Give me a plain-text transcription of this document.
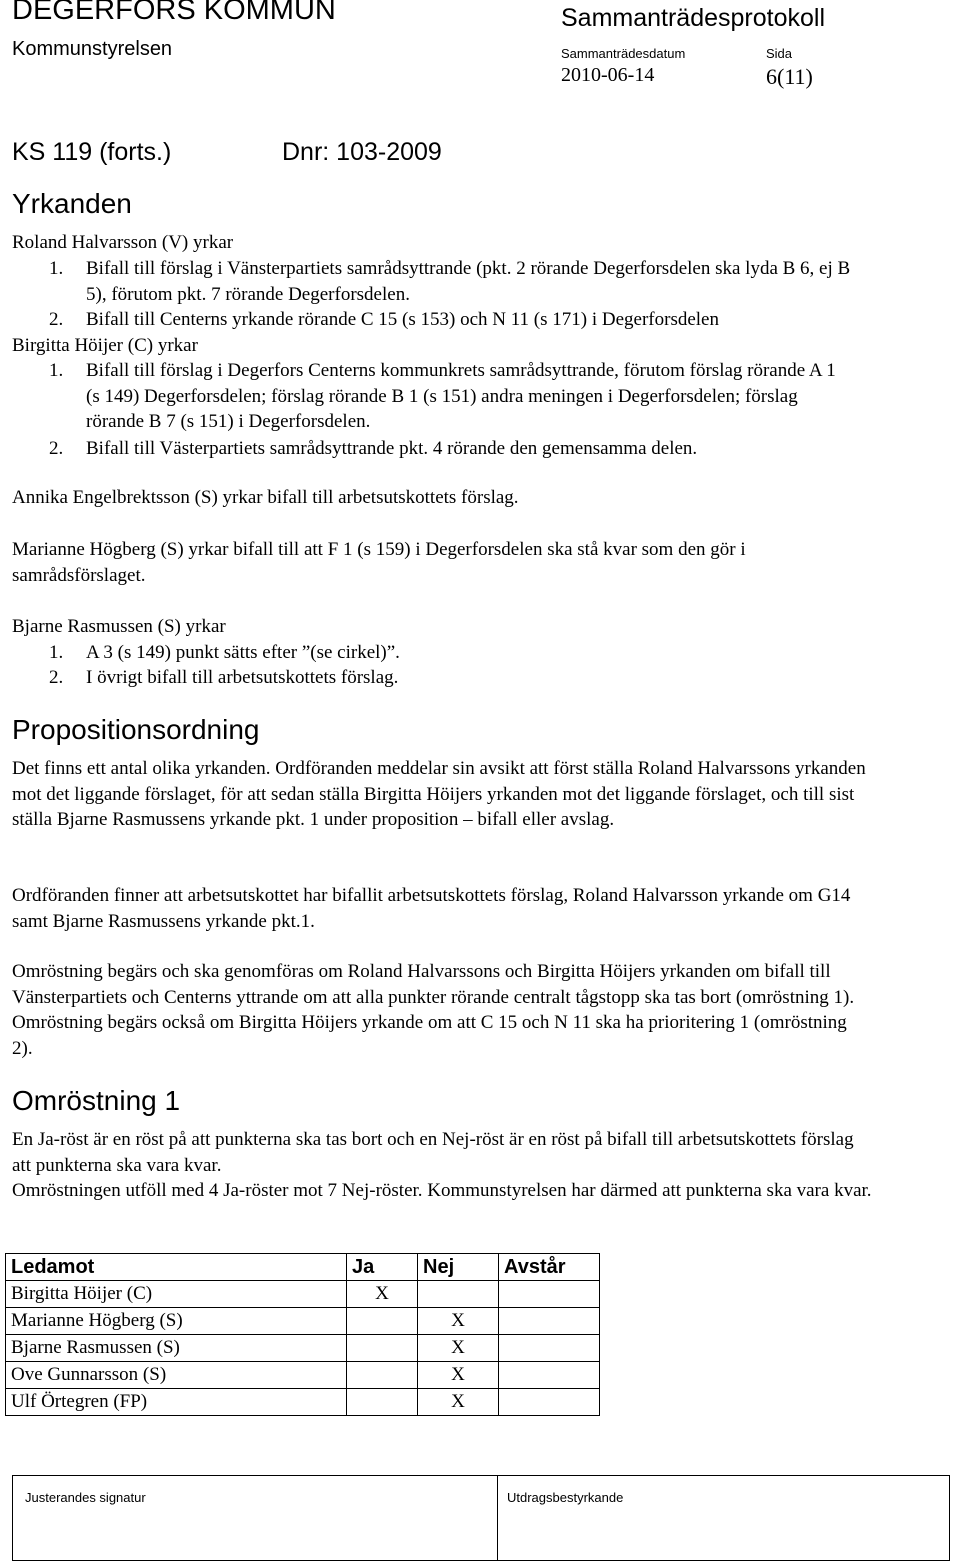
DEGERFORS KOMMUN
Kommunstyrelsen
Sammanträdesprotokoll
Sammanträdesdatum	Sida
2010-06-14	6(11)
KS 119 (forts.)	Dnr: 103-2009
Yrkanden
Roland Halvarsson (V) yrkar
1. Bifall till förslag i Vänsterpartiets samrådsyttrande (pkt. 2 rörande Degerforsdelen ska lyda B 6, ej B 5), förutom pkt. 7 rörande Degerforsdelen.
2. Bifall till Centerns yrkande rörande C 15 (s 153) och N 11 (s 171) i Degerforsdelen
Birgitta Höijer (C) yrkar
1. Bifall till förslag i Degerfors Centerns kommunkrets samrådsyttrande, förutom förslag rörande A 1 (s 149) Degerforsdelen; förslag rörande B 1 (s 151) andra meningen i Degerforsdelen; förslag rörande B 7 (s 151) i Degerforsdelen.
2. Bifall till Västerpartiets samrådsyttrande pkt. 4 rörande den gemensamma delen.
Annika Engelbrektsson (S) yrkar bifall till arbetsutskottets förslag.
Marianne Högberg (S) yrkar bifall till att F 1 (s 159) i Degerforsdelen ska stå kvar som den gör i samrådsförslaget.
Bjarne Rasmussen (S) yrkar
1. A 3 (s 149) punkt sätts efter ”(se cirkel)”.
2. I övrigt bifall till arbetsutskottets förslag.
Propositionsordning
Det finns ett antal olika yrkanden. Ordföranden meddelar sin avsikt att först ställa Roland Halvarssons yrkanden mot det liggande förslaget, för att sedan ställa Birgitta Höijers yrkanden mot det liggande förslaget, och till sist ställa Bjarne Rasmussens yrkande pkt. 1 under proposition – bifall eller avslag.
Ordföranden finner att arbetsutskottet har bifallit arbetsutskottets förslag, Roland Halvarsson yrkande om G14 samt Bjarne Rasmussens yrkande pkt.1.
Omröstning begärs och ska genomföras om Roland Halvarssons och Birgitta Höijers yrkanden om bifall till Vänsterpartiets och Centerns yttrande om att alla punkter rörande centralt tågstopp ska tas bort (omröstning 1). Omröstning begärs också om Birgitta Höijers yrkande om att C 15 och N 11 ska ha prioritering 1 (omröstning 2).
Omröstning 1
En Ja-röst är en röst på att punkterna ska tas bort och en Nej-röst är en röst på bifall till arbetsutskottets förslag att punkterna ska vara kvar.
Omröstningen utföll med 4 Ja-röster mot 7 Nej-röster. Kommunstyrelsen har därmed att punkterna ska vara kvar.
Ledamot	Ja	Nej	Avstår
Birgitta Höijer (C)	X		
Marianne Högberg (S)		X	
Bjarne Rasmussen (S)		X	
Ove Gunnarsson (S)		X	
Ulf Örtegren (FP)		X	
Justerandes signatur	Utdragsbestyrkande
